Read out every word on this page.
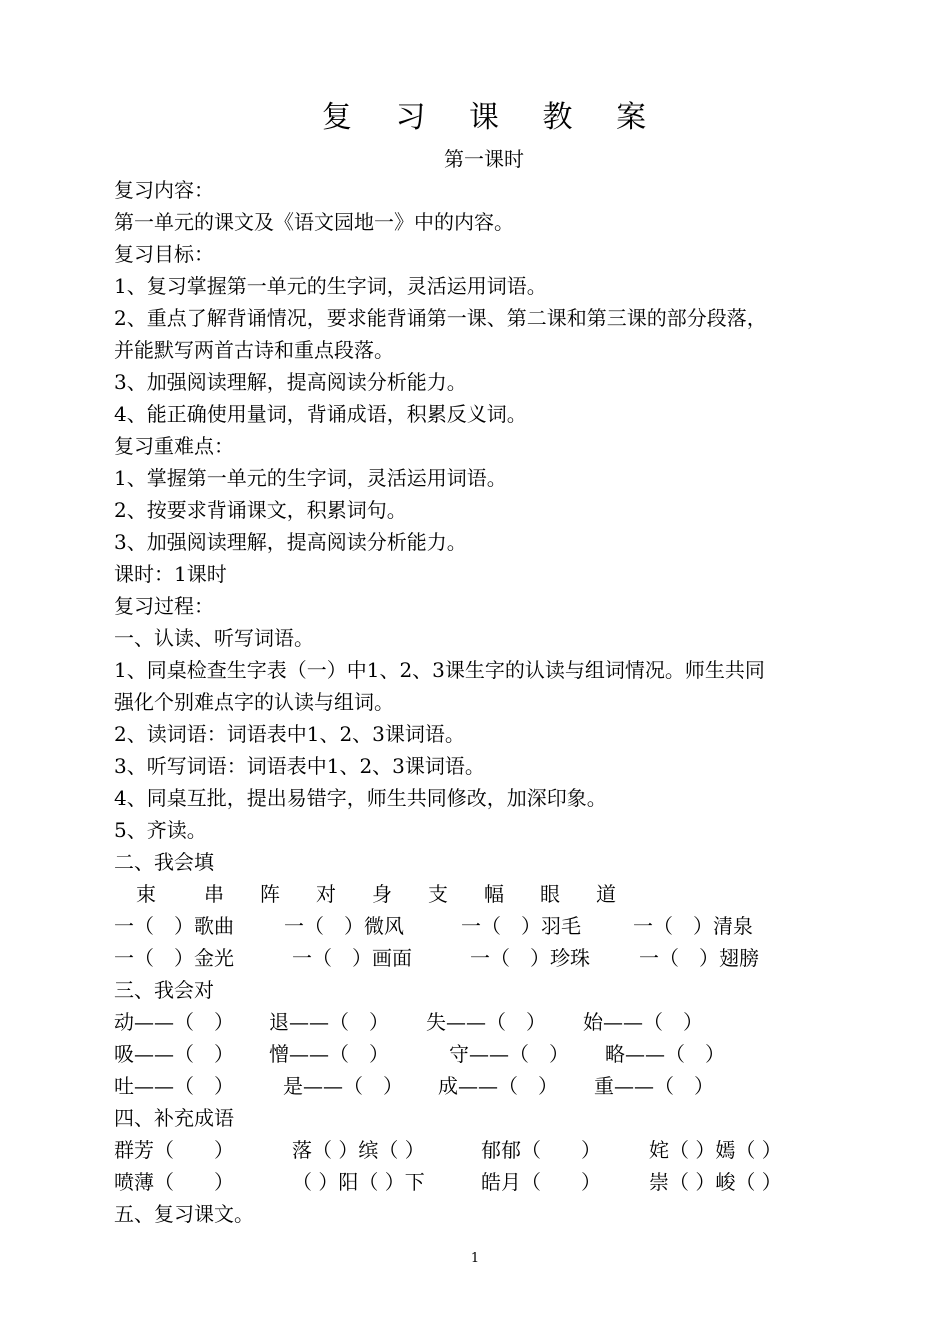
复 习 课 教 案
第一课时
复习内容：
第一单元的课文及《语文园地一》中的内容。
复习目标：
1、复习掌握第一单元的生字词，灵活运用词语。
2、重点了解背诵情况，要求能背诵第一课、第二课和第三课的部分段落，
并能默写两首古诗和重点段落。
3、加强阅读理解，提高阅读分析能力。
4、能正确使用量词，背诵成语，积累反义词。
复习重难点：
1、掌握第一单元的生字词，灵活运用词语。
2、按要求背诵课文，积累词句。
3、加强阅读理解，提高阅读分析能力。
课时：1课时
复习过程：
一、认读、听写词语。
1、同桌检查生字表（一）中1、2、3课生字的认读与组词情况。师生共同
强化个别难点字的认读与组词。
2、读词语：词语表中1、2、3课词语。
3、听写词语：词语表中1、2、3课词语。
4、同桌互批，提出易错字，师生共同修改，加深印象。
5、齐读。
二、我会填
束 串 阵 对 身 支 幅 眼 道
一（　）歌曲	一（　）微风	一（　）羽毛	一（　）清泉
一（　）金光	一（　）画面	一（　）珍珠 一（　）翅膀
三、我会对
动——（　） 退——（　） 失——（　） 始——（　）
吸——（　） 憎——（　）	守——（　） 略——（　）
吐——（　） 是——（　） 成——（　） 重——（　）
四、补充成语
群芳（　　）	落（ ）缤（ ）	郁郁（　　） 姹（ ）嫣（ ）
喷薄（　　）	（ ）阳（ ）下	皓月（　　） 崇（ ）峻（ ）
五、复习课文。
1
